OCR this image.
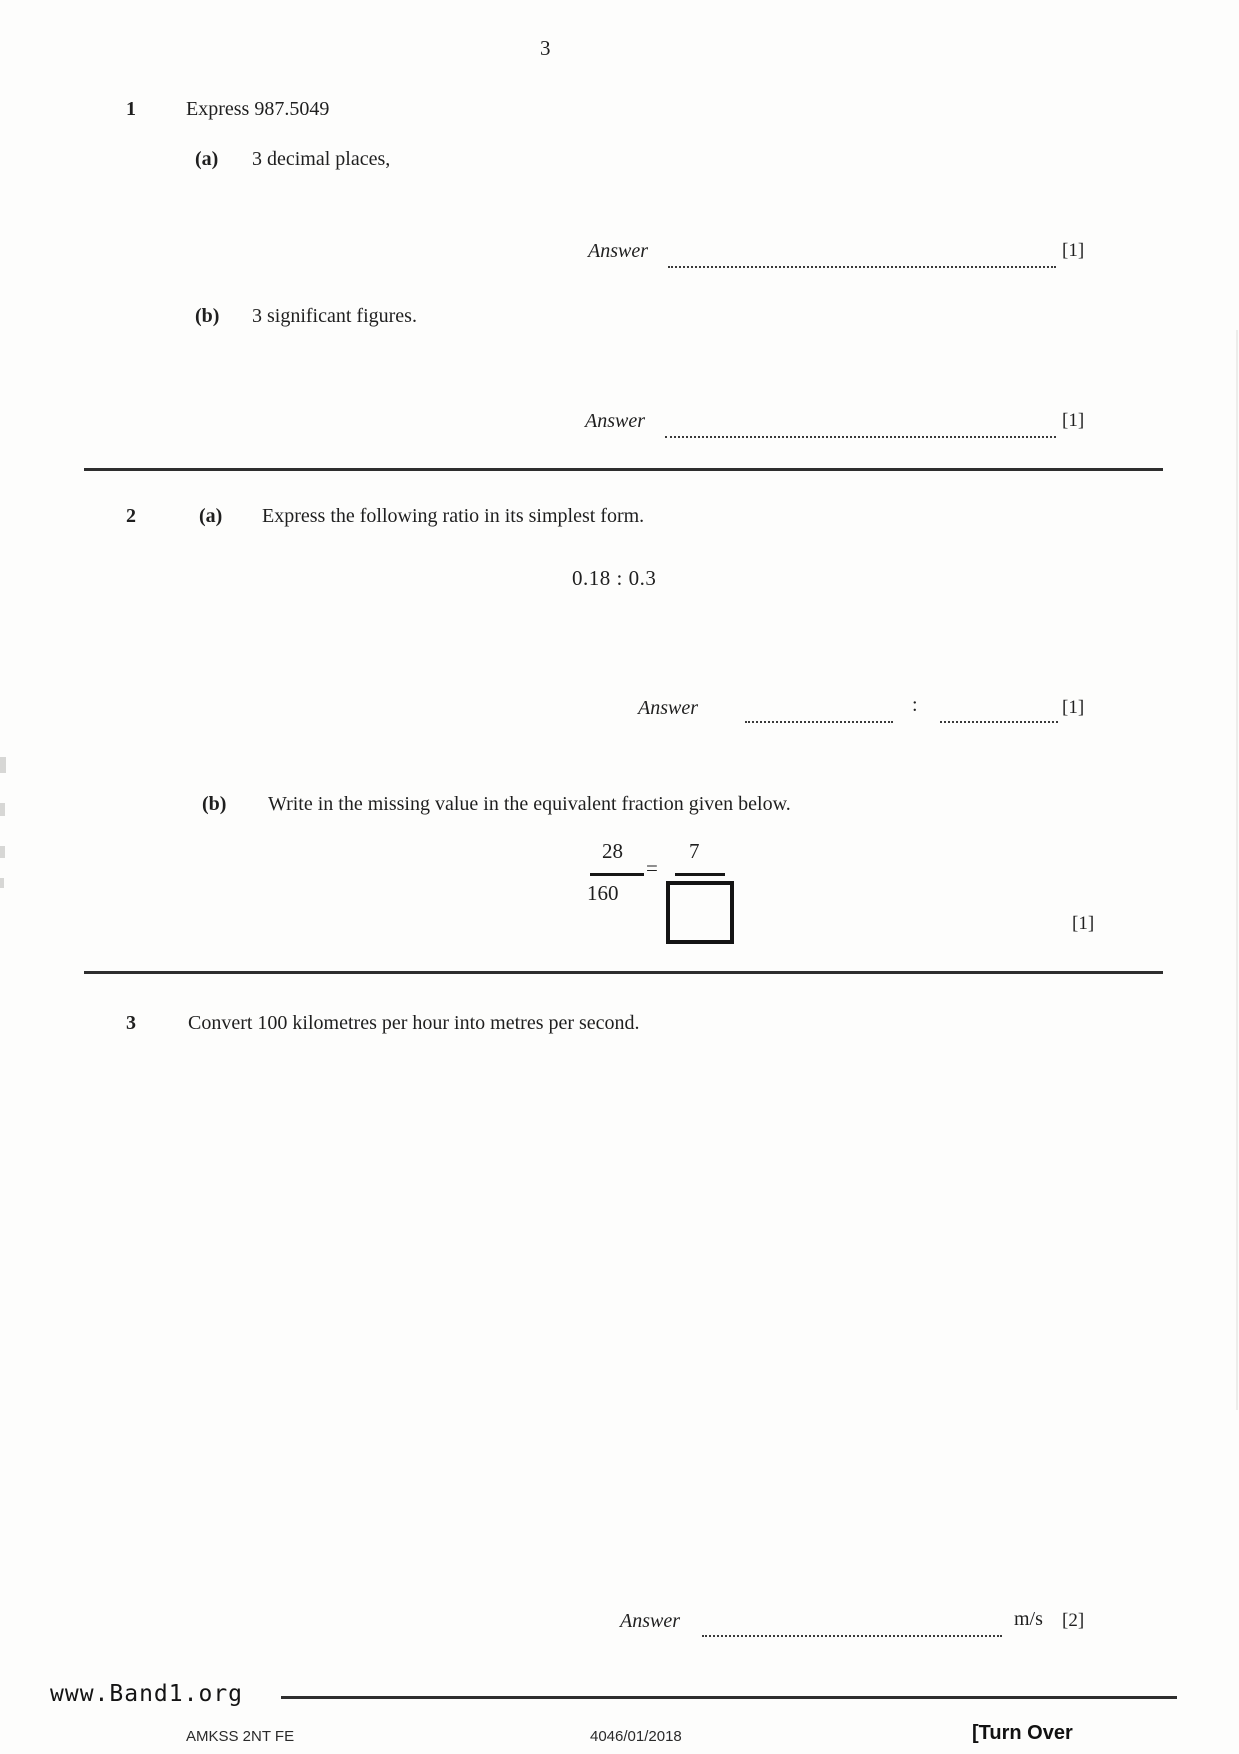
3
1	Express 987.5049
(a) 3 decimal places,
Answer	[1]
(b) 3 significant figures.
Answer	[1]
2	(a) Express the following ratio in its simplest form.
0.18 : 0.3
Answer	:	[1]
(b) Write in the missing value in the equivalent fraction given below.
28
160
=
7
[1]
3	Convert 100 kilometres per hour into metres per second.
Answer	m/s [2]
www.Band1.org
AMKSS 2NT FE	4046/01/2018	[Turn Over
